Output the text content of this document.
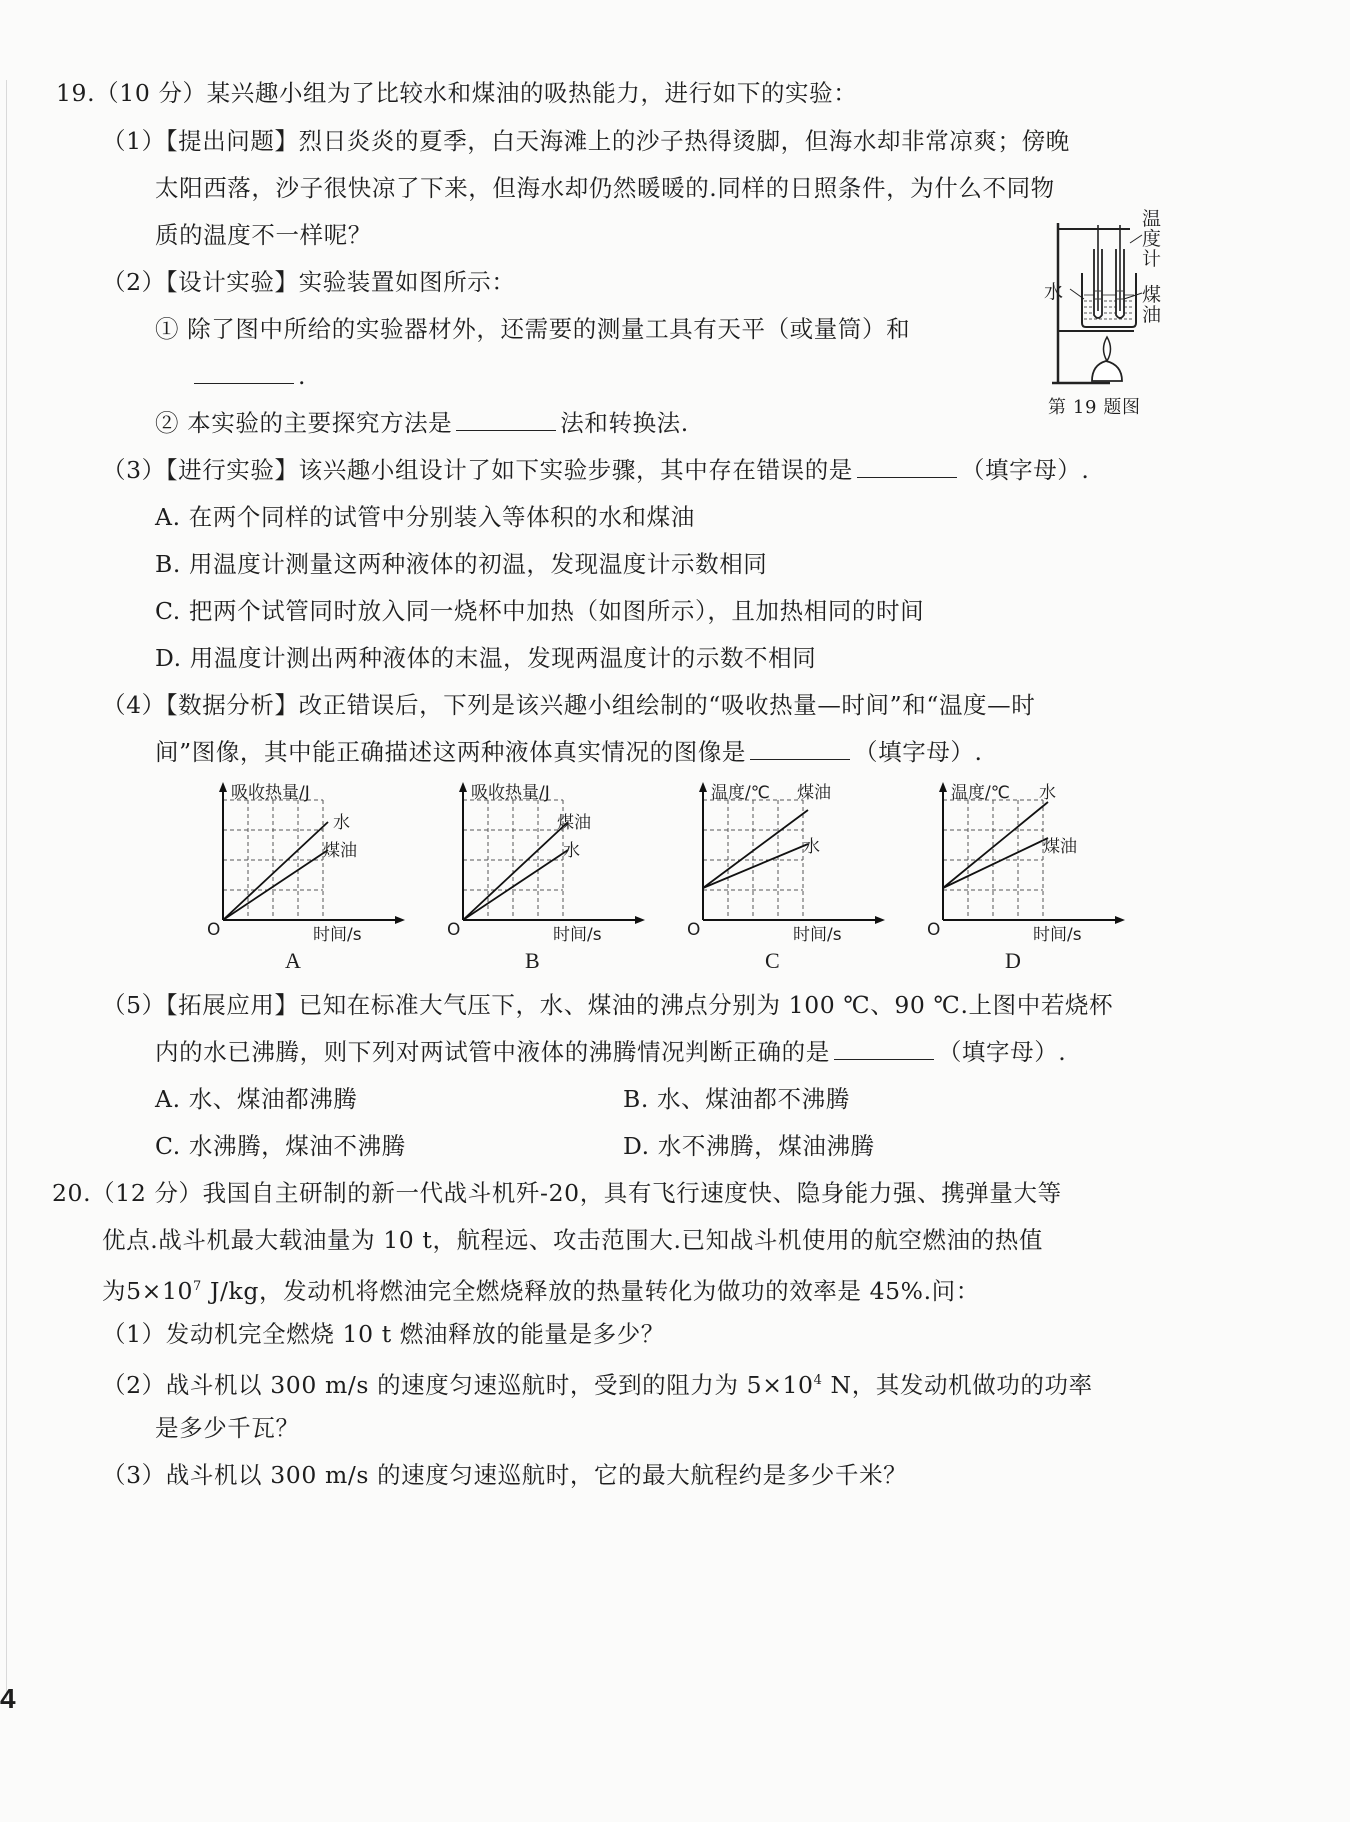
19.（10 分）某兴趣小组为了比较水和煤油的吸热能力，进行如下的实验：
（1）【提出问题】烈日炎炎的夏季，白天海滩上的沙子热得烫脚，但海水却非常凉爽；傍晚
太阳西落，沙子很快凉了下来，但海水却仍然暖暖的.同样的日照条件，为什么不同物
质的温度不一样呢？
（2）【设计实验】实验装置如图所示：
① 除了图中所给的实验器材外，还需要的测量工具有天平（或量筒）和
.
② 本实验的主要探究方法是	法和转换法.
温度计
水	煤油
第 19 题图
（3）【进行实验】该兴趣小组设计了如下实验步骤，其中存在错误的是	（填字母）.
A. 在两个同样的试管中分别装入等体积的水和煤油
B. 用温度计测量这两种液体的初温，发现温度计示数相同
C. 把两个试管同时放入同一烧杯中加热（如图所示），且加热相同的时间
D. 用温度计测出两种液体的末温，发现两温度计的示数不相同
（4）【数据分析】改正错误后，下列是该兴趣小组绘制的“吸收热量—时间”和“温度—时
间”图像，其中能正确描述这两种液体真实情况的图像是	（填字母）.
吸收热量/J
时间/s
O
水
煤油
A
吸收热量/J
时间/s
O
煤油
水
B
温度/℃
时间/s
O
煤油
水
C
温度/℃
时间/s
O
水
煤油
D
（5）【拓展应用】已知在标准大气压下，水、煤油的沸点分别为 100 ℃、90 ℃.上图中若烧杯
内的水已沸腾，则下列对两试管中液体的沸腾情况判断正确的是	（填字母）.
A. 水、煤油都沸腾	B. 水、煤油都不沸腾
C. 水沸腾，煤油不沸腾	D. 水不沸腾，煤油沸腾
20.（12 分）我国自主研制的新一代战斗机歼-20，具有飞行速度快、隐身能力强、携弹量大等
优点.战斗机最大载油量为 10 t，航程远、攻击范围大.已知战斗机使用的航空燃油的热值
为$5\times 10^7$ J/kg，发动机将燃油完全燃烧释放的热量转化为做功的效率是 45%.问：
（1）发动机完全燃烧 10 t 燃油释放的能量是多少？
（2）战斗机以 300 m/s 的速度匀速巡航时，受到的阻力为 $5\times 10^4$ N，其发动机做功的功率
是多少千瓦？
（3）战斗机以 300 m/s 的速度匀速巡航时，它的最大航程约是多少千米？
4
